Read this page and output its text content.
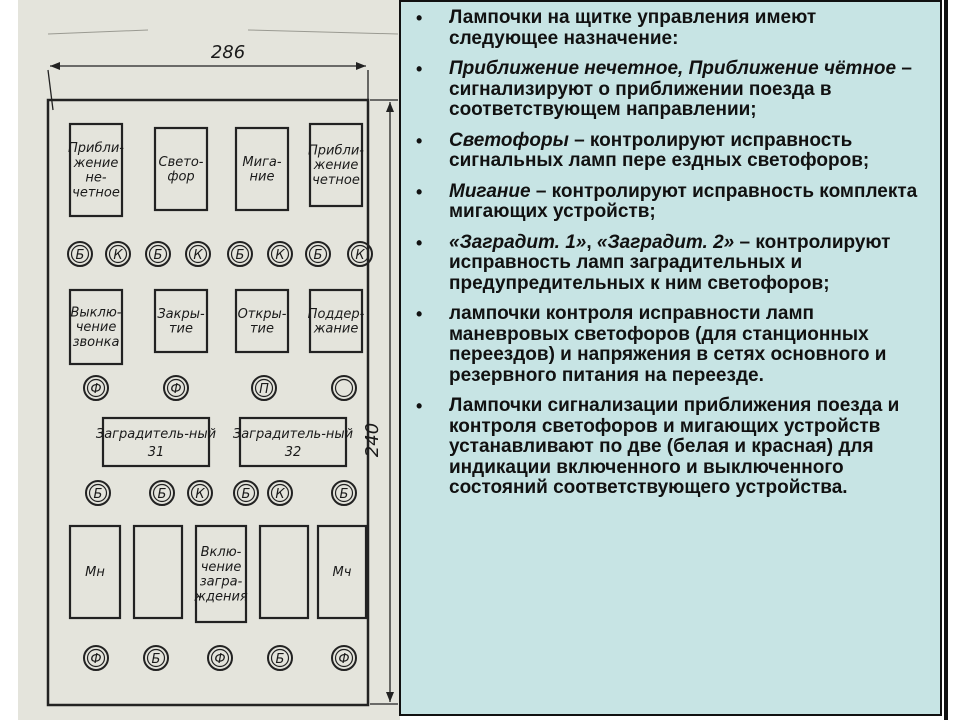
286
240
Прибли-
жение
не-
четное
Свето-
фор
Мига-
ние
Прибли-
жение
четное
Б К Б К	Б К Б	К
Выклю-
чение
звонка
Закры-
тие
Откры-
тие
Поддер-
жание
Ф	Ф	П
Заградитель-ный
31
Заградитель-ный
32
Б	Б К	Б К	Б
Мн
Вклю-
чение
загра-
ждения
Мч
Ф	Б	Ф	Б	Ф
• Лампочки на щитке управления имеют следующее назначение:
• Приближение нечетное, Приближение чётное – сигнализируют о приближении поезда в соответствующем направлении;
• Светофоры – контролируют исправность сигнальных ламп пере ездных светофоров;
• Мигание – контролируют исправность комплекта мигающих устройств;
• «Заградит. 1», «Заградит. 2» – контролируют исправность ламп заградительных и предупредительных к ним светофоров;
• лампочки контроля исправности ламп маневровых светофоров (для станционных переездов) и напряжения в сетях основного и резервного питания на переезде.
• Лампочки сигнализации приближения поезда и контроля светофоров и мигающих устройств устанавливают по две (белая и красная) для индикации включенного и выключенного состояний соответствующего устройства.
